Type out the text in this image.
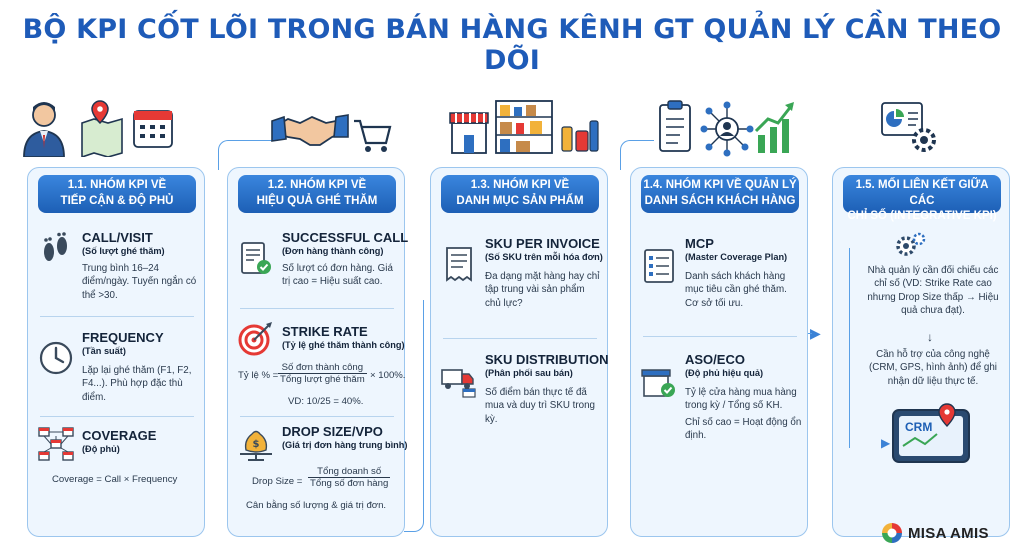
BỘ KPI CỐT LÕI TRONG BÁN HÀNG KÊNH GT QUẢN LÝ CẦN THEO DÕI
▶
1.1. NHÓM KPI VỀ
TIẾP CẬN & ĐỘ PHỦ
CALL/VISIT
(Số lượt ghé thăm)
Trung bình 16–24 điểm/ngày. Tuyến ngắn có thể >30.
FREQUENCY
(Tần suất)
Lặp lại ghé thăm (F1, F2, F4...). Phù hợp đặc thù điểm.
COVERAGE
(Độ phủ)
Coverage = Call × Frequency
1.2. NHÓM KPI VỀ
HIỆU QUẢ GHÉ THĂM
SUCCESSFUL CALL
(Đơn hàng thành công)
Số lượt có đơn hàng. Giá trị cao = Hiệu suất cao.
STRIKE RATE
(Tỷ lệ ghé thăm thành công)
Tỷ lệ % =
Số đơn thành công
Tổng lượt ghé thăm × 100%.
VD: 10/25 = 40%.
$
DROP SIZE/VPO
(Giá trị đơn hàng trung bình)
Drop Size =
Tổng doanh số
Tổng số đơn hàng
Cân bằng số lượng & giá trị đơn.
1.3. NHÓM KPI VỀ
DANH MỤC SẢN PHẨM
SKU PER INVOICE
(Số SKU trên mỗi hóa đơn)
Đa dạng mặt hàng hay chỉ tập trung vài sản phẩm chủ lực?
SKU DISTRIBUTION
(Phân phối sau bán)
Số điểm bán thực tế đã mua và duy trì SKU trong kỳ.
1.4. NHÓM KPI VỀ QUẢN LÝ
DANH SÁCH KHÁCH HÀNG
MCP
(Master Coverage Plan)
Danh sách khách hàng mục tiêu cần ghé thăm. Cơ sở tối ưu.
ASO/ECO
(Độ phủ hiệu quả)
Tỷ lệ cửa hàng mua hàng trong kỳ / Tổng số KH.
Chỉ số cao = Hoạt động ổn định.
1.5. MỐI LIÊN KẾT GIỮA CÁC
CHỈ SỐ (INTEGRATIVE KPI)
▶
Nhà quản lý cần đối chiếu các chỉ số (VD: Strike Rate cao nhưng Drop Size thấp → Hiệu quả chưa đạt).
↓
Cần hỗ trợ của công nghệ (CRM, GPS, hình ảnh) để ghi nhận dữ liệu thực tế.
CRM
MISA AMIS
